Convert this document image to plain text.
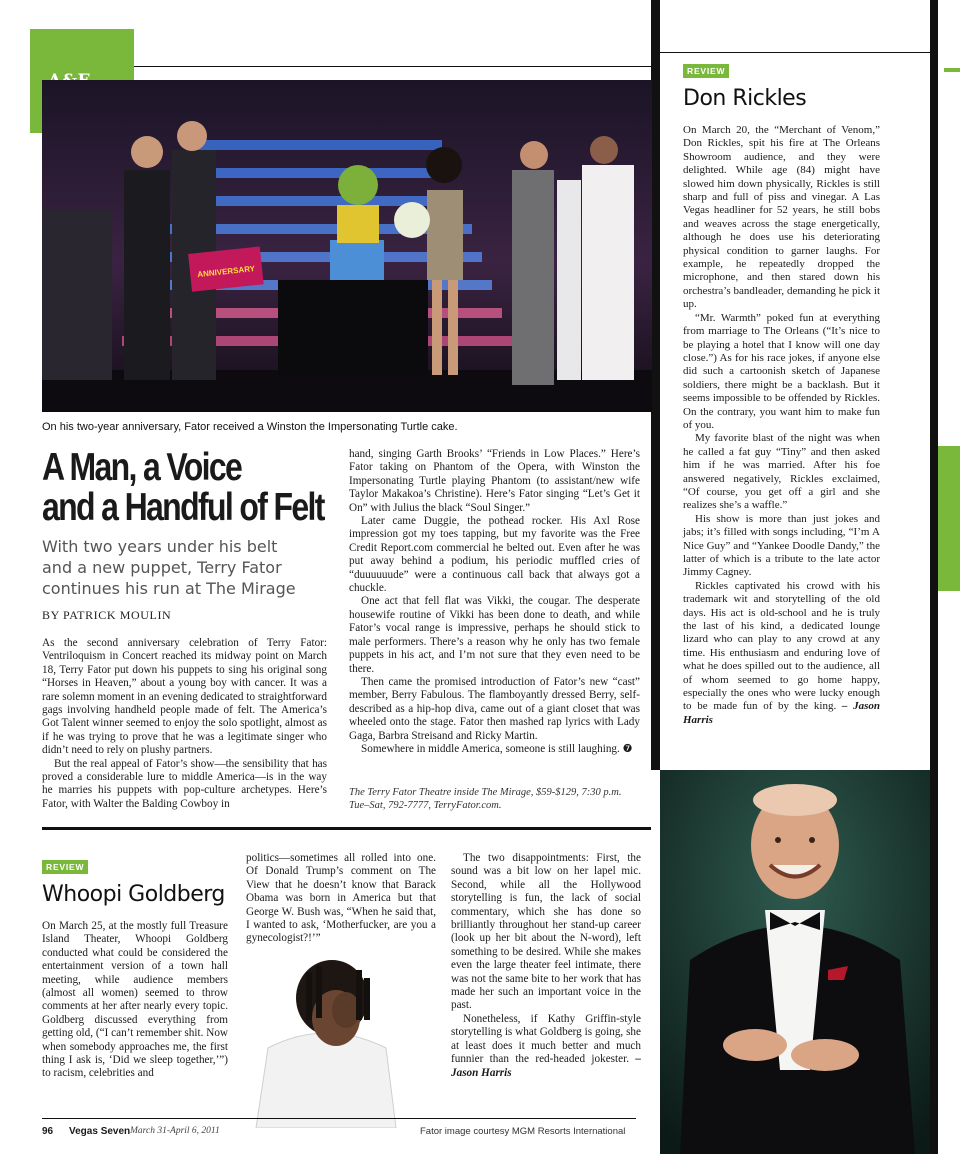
ANNIVERSARY
On his two-year anniversary, Fator received a Winston the Impersonating Turtle cake.
A Man, a Voice
and a Handful of Felt
With two years under his belt and a new puppet, Terry Fator continues his run at The Mirage
BY PATRICK MOULIN

As the second anniversary celebration of Terry Fator: Ventriloquism in Concert reached its midway point on March 18, Terry Fator put down his puppets to sing his original song “Horses in Heaven,” about a young boy with cancer. It was a rare solemn moment in an evening dedicated to straightforward gags involving handheld people made of felt. The America’s Got Talent winner seemed to enjoy the solo spotlight, almost as if he was trying to prove that he was a legitimate singer who didn’t need to rely on plushy partners.

But the real appeal of Fator’s show—the sensibility that has proved a considerable lure to middle America—is in the way he marries his puppets with pop-culture archetypes. Here’s Fator, with Walter the Balding Cowboy in

hand, singing Garth Brooks’ “Friends in Low Places.” Here’s Fator taking on Phantom of the Opera, with Winston the Impersonating Turtle playing Phantom (to assistant/new wife Taylor Makakoa’s Christine). Here’s Fator singing “Let’s Get it On” with Julius the black “Soul Singer.”

Later came Duggie, the pothead rocker. His Axl Rose impression got my toes tapping, but my favorite was the Free Credit Report.com commercial he belted out. Even after he was put away behind a podium, his periodic muffled cries of “duuuuuude” were a continuous call back that always got a chuckle.

One act that fell flat was Vikki, the cougar. The desperate housewife routine of Vikki has been done to death, and while Fator’s vocal range is impressive, perhaps he should stick to male performers. There’s a reason why he only has two female puppets in his act, and I’m not sure that they even need to be there.

Then came the promised introduction of Fator’s new “cast” member, Berry Fabulous. The flamboyantly dressed Berry, self-described as a hip-hop diva, came out of a giant closet that was wheeled onto the stage. Fator then mashed rap lyrics with Lady Gaga, Barbra Streisand and Ricky Martin.

Somewhere in middle America, someone is still laughing. ❼

The Terry Fator Theatre inside The Mirage, $59-$129, 7:30 p.m. Tue–Sat, 792-7777, TerryFator.com.
REVIEW
Don Rickles

On March 20, the “Merchant of Venom,” Don Rickles, spit his fire at The Orleans Showroom audience, and they were delighted. While age (84) might have slowed him down physically, Rickles is still sharp and full of piss and vinegar. A Las Vegas headliner for 52 years, he still bobs and weaves across the stage energetically, although he does use his deteriorating physical condition to garner laughs. For example, he repeatedly dropped the microphone, and then stared down his orchestra’s bandleader, demanding he pick it up.

“Mr. Warmth” poked fun at everything from marriage to The Orleans (“It’s nice to be playing a hotel that I know will one day close.”) As for his race jokes, if anyone else did such a cartoonish sketch of Japanese soldiers, there might be a backlash. But it seems impossible to be offended by Rickles. On the contrary, you want him to make fun of you.

My favorite blast of the night was when he called a fat guy “Tiny” and then asked him if he was married. After his foe answered negatively, Rickles exclaimed, “Of course, you get off a girl and she realizes she’s a waffle.”

His show is more than just jokes and jabs; it’s filled with songs including, “I’m A Nice Guy” and “Yankee Doodle Dandy,” the latter of which is a tribute to the late actor Jimmy Cagney.

Rickles captivated his crowd with his trademark wit and storytelling of the old days. His act is old-school and he is truly the last of his kind, a dedicated lounge lizard who can play to any crowd at any time. His enthusiasm and enduring love of what he does spilled out to the audience, all of whom seemed to go home happy, especially the ones who were lucky enough to be made fun of by the king. – Jason Harris

REVIEW
Whoopi Goldberg

On March 25, at the mostly full Treasure Island Theater, Whoopi Goldberg conducted what could be considered the entertainment version of a town hall meeting, while audience members (almost all women) seemed to throw comments at her after nearly every topic. Goldberg discussed everything from getting old, (“I can’t remember shit. Now when somebody approaches me, the first thing I ask is, ‘Did we sleep together,’”) to racism, celebrities and

politics—sometimes all rolled into one. Of Donald Trump’s comment on The View that he doesn’t know that Barack Obama was born in America but that George W. Bush was, “When he said that, I wanted to ask, ‘Motherfucker, are you a gynecologist?!’”

The two disappointments: First, the sound was a bit low on her lapel mic. Second, while all the Hollywood storytelling is fun, the lack of social commentary, which she has done so brilliantly throughout her stand-up career (look up her bit about the N-word), left something to be desired. While she makes even the large theater feel intimate, there was not the same bite to her work that has made her such an important voice in the past.

Nonetheless, if Kathy Griffin-style storytelling is what Goldberg is going, she at least does it much better and much funnier than the red-headed jokester. – Jason Harris

96 Vegas Seven March 31-April 6, 2011	Fator image courtesy MGM Resorts International
